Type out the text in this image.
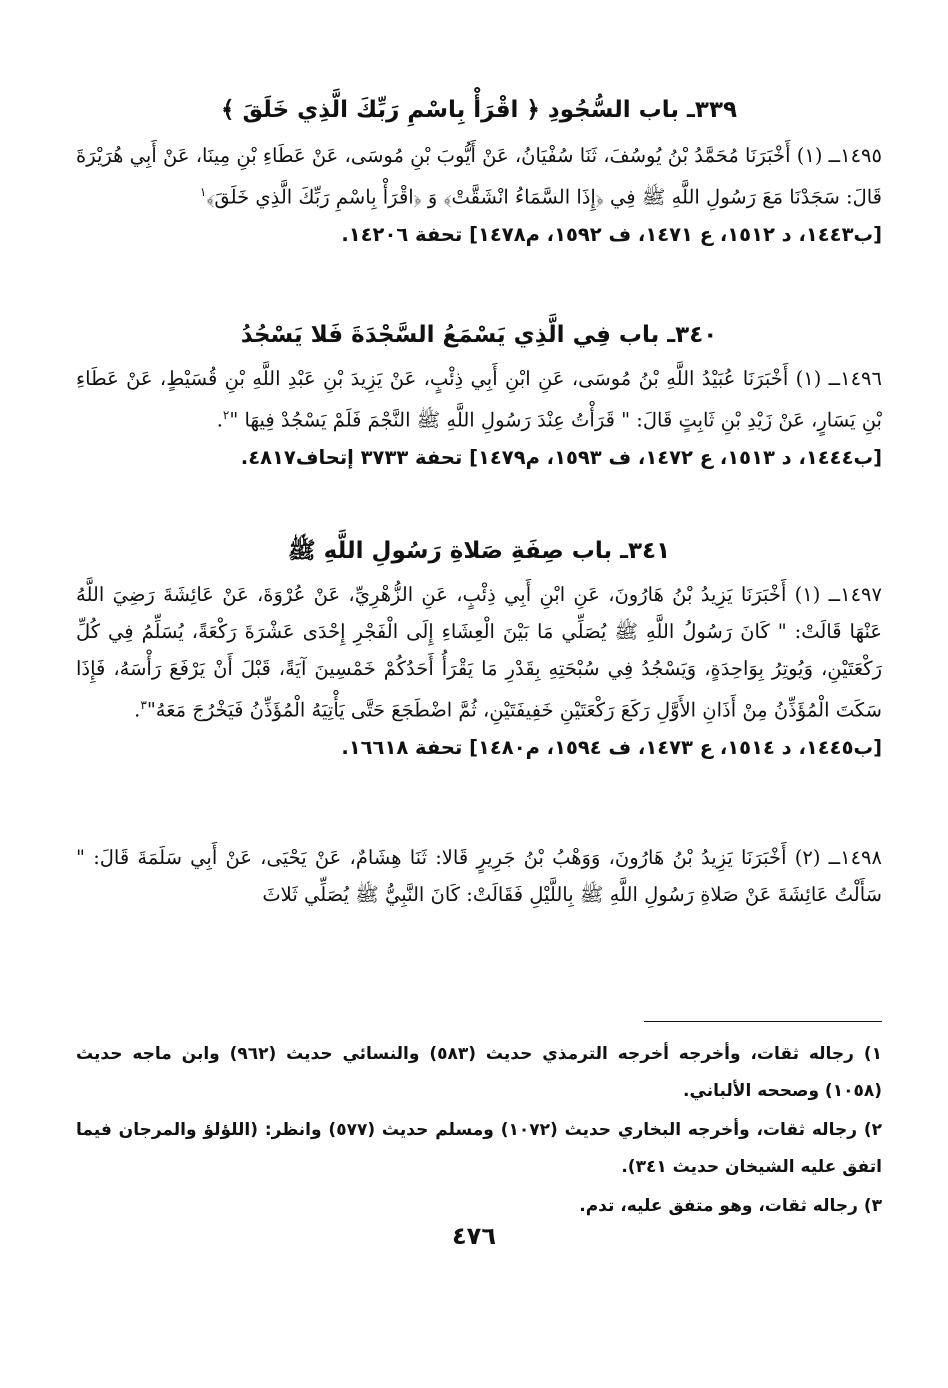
٣٣٩ـ باب السُّجُودِ ﴿ اقْرَأْ بِاسْمِ رَبِّكَ الَّذِي خَلَقَ ﴾
١٤٩٥ــ (١) أَخْبَرَنَا مُحَمَّدُ بْنُ يُوسُفَ، ثَنَا سُفْيَانُ، عَنْ أَيُّوبَ بْنِ مُوسَى، عَنْ عَطَاءِ بْنِ مِينَا، عَنْ أَبِي هُرَيْرَةَ قَالَ: سَجَدْنَا مَعَ رَسُولِ اللَّهِ ﷺ فِي ﴿إِذَا السَّمَاءُ انْشَقَّتْ﴾ وَ ﴿اقْرَأْ بِاسْمِ رَبِّكَ الَّذِي خَلَقَ﴾$^١$
[ب١٤٤٣، د ١٥١٢، ع ١٤٧١، ف ١٥٩٢، م١٤٧٨] تحفة ١٤٢٠٦.
٣٤٠ـ باب فِي الَّذِي يَسْمَعُ السَّجْدَةَ فَلا يَسْجُدُ
١٤٩٦ــ (١) أَخْبَرَنَا عُبَيْدُ اللَّهِ بْنُ مُوسَى، عَنِ ابْنِ أَبِي ذِئْبٍ، عَنْ يَزِيدَ بْنِ عَبْدِ اللَّهِ بْنِ قُسَيْطٍ، عَنْ عَطَاءِ بْنِ يَسَارٍ، عَنْ زَيْدِ بْنِ ثَابِتٍ قَالَ: " قَرَأْتُ عِنْدَ رَسُولِ اللَّهِ ﷺ النَّجْمَ فَلَمْ يَسْجُدْ فِيهَا "$^٢$.
[ب١٤٤٤، د ١٥١٣، ع ١٤٧٢، ف ١٥٩٣، م١٤٧٩] تحفة ٣٧٣٣ إتحاف٤٨١٧.
٣٤١ـ باب صِفَةِ صَلاةِ رَسُولِ اللَّهِ ﷺ
١٤٩٧ــ (١) أَخْبَرَنَا يَزِيدُ بْنُ هَارُونَ، عَنِ ابْنِ أَبِي ذِئْبٍ، عَنِ الزُّهْرِيِّ، عَنْ عُرْوَةَ، عَنْ عَائِشَةَ رَضِيَ اللَّهُ عَنْهَا قَالَتْ: " كَانَ رَسُولُ اللَّهِ ﷺ يُصَلِّي مَا بَيْنَ الْعِشَاءِ إِلَى الْفَجْرِ إِحْدَى عَشْرَةَ رَكْعَةً، يُسَلِّمُ فِي كُلِّ رَكْعَتَيْنِ، وَيُوتِرُ بِوَاحِدَةٍ، وَيَسْجُدُ فِي سُبْحَتِهِ بِقَدْرِ مَا يَقْرَأُ أَحَدُكُمْ خَمْسِينَ آيَةً، قَبْلَ أَنْ يَرْفَعَ رَأْسَهُ، فَإِذَا سَكَتَ الْمُؤَذِّنُ مِنْ أَذَانِ الأَوَّلِ رَكَعَ رَكْعَتَيْنِ خَفِيفَتَيْنِ، ثُمَّ اضْطَجَعَ حَتَّى يَأْتِيَهُ الْمُؤَذِّنُ فَيَخْرُجَ مَعَهُ"$^٣$.
[ب١٤٤٥، د ١٥١٤، ع ١٤٧٣، ف ١٥٩٤، م١٤٨٠] تحفة ١٦٦١٨.
١٤٩٨ــ (٢) أَخْبَرَنَا يَزِيدُ بْنُ هَارُونَ، وَوَهْبُ بْنُ جَرِيرٍ قَالا: ثَنَا هِشَامٌ، عَنْ يَحْيَى، عَنْ أَبِي سَلَمَةَ قَالَ: " سَأَلْتُ عَائِشَةَ عَنْ صَلاةِ رَسُولِ اللَّهِ ﷺ بِاللَّيْلِ فَقَالَتْ: كَانَ النَّبِيُّ ﷺ يُصَلِّي ثَلاثَ
١) رجاله ثقات، وأخرجه أخرجه الترمذي حديث (٥٨٣) والنسائي حديث (٩٦٢) وابن ماجه حديث (١٠٥٨) وصححه الألباني.
٢) رجاله ثقات، وأخرجه البخاري حديث (١٠٧٢) ومسلم حديث (٥٧٧) وانظر: (اللؤلؤ والمرجان فيما اتفق عليه الشيخان حديث ٣٤١).
٣) رجاله ثقات، وهو متفق عليه، تدم.
٤٧٦
